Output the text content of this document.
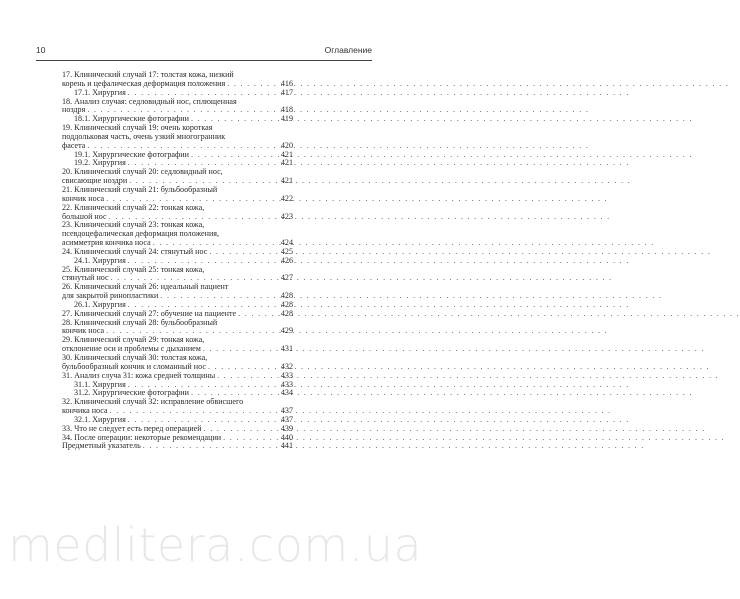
10	Оглавление
17. Клинический случай 17: толстая кожа, низкий
корень и цефалическая деформация положения . . .	416
17.1. Хирургия . . .	417
18. Анализ случая: седловидный нос, сплющенная
ноздря . . .	418
18.1. Хирургические фотографии . . .	419
19. Клинический случай 19: очень короткая
поддольковая часть, очень узкий многогранник
фасета . . .	420
19.1. Хирургические фотографии . . .	421
19.2. Хирургия . . .	421
20. Клинический случай 20: седловидный нос,
свисающие ноздри . . .	421
21. Клинический случай 21: бульбообразный
кончик носа . . .	422
22. Клинический случай 22: тонкая кожа,
большой нос . . .	423
23. Клинический случай 23: тонкая кожа,
псевдоцефалическая деформация положения,
асимметрия кончика носа . . .	424
24. Клинический случай 24: стянутый нос . . .	425
24.1. Хирургия . . .	426
25. Клинический случай 25: тонкая кожа,
стянутый нос . . .	427
26. Клинический случай 26: идеальный пациент
для закрытой ринопластики . . .	428
26.1. Хирургия . . .	428
27. Клинический случай 27: обучение на пациенте . . .	428
28. Клинический случай 28: бульбообразный
кончик носа . . .	429
29. Клинический случай 29: тонкая кожа,
отклонение оси и проблемы с дыханием . . .	431
30. Клинический случай 30: толстая кожа,
бульбообразный кончик и сломанный нос . . .	432
31. Анализ случа 31: кожа средней толщины . . .	433
31.1. Хирургия . . .	433
31.2. Хирургические фотографии . . .	434
32. Клинический случай 32: исправление обвисшего
кончика носа . . .	437
32.1. Хирургия . . .	437
33. Что не следует есть перед операцией . . .	439
34. После операции: некоторые рекомендации . . .	440
Предметный указатель . . .	441
medlitera.com.ua
